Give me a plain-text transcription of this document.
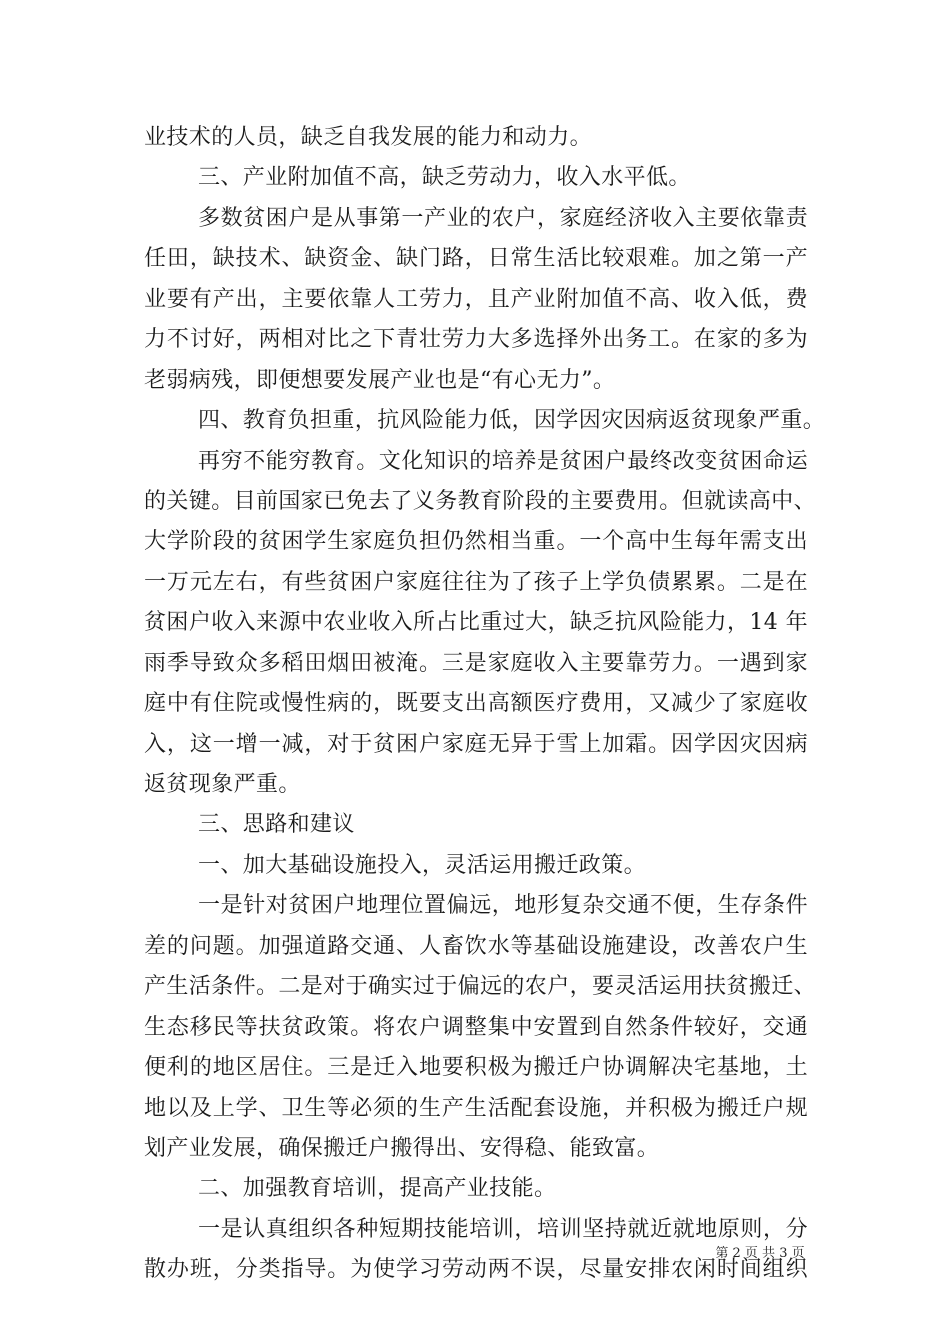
业技术的人员，缺乏自我发展的能力和动力。
三、产业附加值不高，缺乏劳动力，收入水平低。
多数贫困户是从事第一产业的农户，家庭经济收入主要依靠责
任田，缺技术、缺资金、缺门路，日常生活比较艰难。加之第一产
业要有产出，主要依靠人工劳力，且产业附加值不高、收入低，费
力不讨好，两相对比之下青壮劳力大多选择外出务工。在家的多为
老弱病残，即便想要发展产业也是“有心无力”。
四、教育负担重，抗风险能力低，因学因灾因病返贫现象严重。
再穷不能穷教育。文化知识的培养是贫困户最终改变贫困命运
的关键。目前国家已免去了义务教育阶段的主要费用。但就读高中、
大学阶段的贫困学生家庭负担仍然相当重。一个高中生每年需支出
一万元左右，有些贫困户家庭往往为了孩子上学负债累累。二是在
贫困户收入来源中农业收入所占比重过大，缺乏抗风险能力，14 年
雨季导致众多稻田烟田被淹。三是家庭收入主要靠劳力。一遇到家
庭中有住院或慢性病的，既要支出高额医疗费用，又减少了家庭收
入，这一增一减，对于贫困户家庭无异于雪上加霜。因学因灾因病
返贫现象严重。
三、思路和建议
一、加大基础设施投入，灵活运用搬迁政策。
一是针对贫困户地理位置偏远，地形复杂交通不便，生存条件
差的问题。加强道路交通、人畜饮水等基础设施建设，改善农户生
产生活条件。二是对于确实过于偏远的农户，要灵活运用扶贫搬迁、
生态移民等扶贫政策。将农户调整集中安置到自然条件较好，交通
便利的地区居住。三是迁入地要积极为搬迁户协调解决宅基地，土
地以及上学、卫生等必须的生产生活配套设施，并积极为搬迁户规
划产业发展，确保搬迁户搬得出、安得稳、能致富。
二、加强教育培训，提高产业技能。
一是认真组织各种短期技能培训，培训坚持就近就地原则，分
散办班，分类指导。为使学习劳动两不误，尽量安排农闲时间组织
第 2 页 共 3 页
